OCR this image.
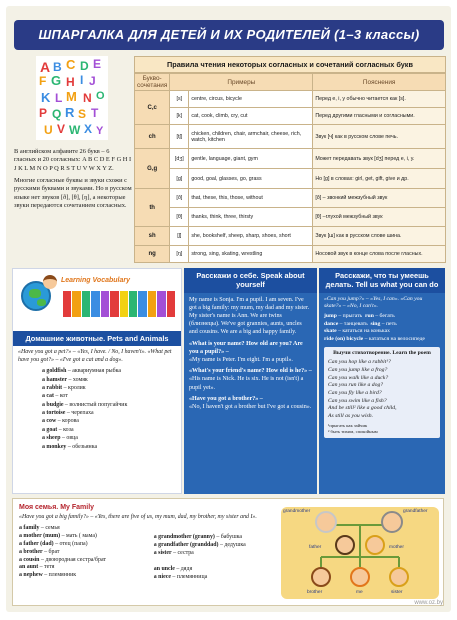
ШПАРГАЛКА ДЛЯ ДЕТЕЙ И ИХ РОДИТЕЛЕЙ (1–3 классы)
A B C D E
F G H I J
K L M N O
P Q R S T
U V W X Y

В английском алфавите 26 букв – 6 гласных и 20 согласных: A B C D E F G H I J K L M N O P Q R S T U V W X Y Z.

Многие согласные буквы и звуки схожи с русскими буквами и звуками. Но в русском языке нет звуков [ð], [θ], [ŋ], а некоторые звуки передаются сочетанием согласных.

Правила чтения некоторых согласных и сочетаний согласных букв
Букво-сочетания	Примеры		Пояснения
C,c	[s]	centre, circus, bicycle	Перед e, i, y обычно читается как [s].
	[k]	cat, cook, climb, cry, cut	Перед другими гласными и согласными.
ch	[tʃ]	chicken, children, chair, armchair, cheese, rich, watch, kitchen	Звук [ч] как в русском слове печь.
G,g	[dʒ]	gentle, language, giant, gym	Может передавать звук [dʒ] перед e, i, y.
	[g]	good, goal, glasses, go, grass	Но [g] в словах: girl, get, gift, give и др.
th	[ð]	that, these, this, those, without	[ð] – звонкий межзубный звук
	[θ]	thanks, think, three, thirsty	[θ] –глухой межзубный звук
sh	[ʃ]	she, bookshelf, sheep, sharp, shoes, short	Звук [ш] как в русском слове шина.
ng	[ŋ]	strong, sing, skating, wrestling	Носовой звук в конце слова после гласных.
Learning Vocabulary
Домашние животные. Pets and Animals

«Have you got a pet?» – «Yes, I have. / No, I haven't». «What pet have you got?» – «I've got a cat and a dog».

a goldfish – аквариумная рыбка
a hamster – хомяк
a rabbit – кролик
a cat – кот
a budgie – волнистый попугайчик
a tortoise – черепаха
a cow – корова
a goat – коза
a sheep – овца
a monkey – обезьянка
Расскажи о себе. Speak about yourself

My name is Sonja. I'm a pupil. I am seven. I've got a big family: my mum, my dad and my sister. My sister's name is Ann. We are twins (близнецы). We've got grannies, aunts, uncles and cousins. We are a big and happy family.

«What is your name? How old are you? Are you a pupil?» –

«My name is Peter. I'm eight. I'm a pupil».

«What's your friend's name? How old is he?» –

«His name is Nick. He is six. He is not (isn't) a pupil yet».

«Have you got a brother?» –

«No, I haven't got a brother but I've got a cousin».

Расскажи, что ты умеешь делать. Tell us what you can do

«Can you jump?» – «Yes, I can». «Can you skate?» – «No, I can't».

jump – прыгать run – бегать
dance – танцевать sing – петь
skate – кататься на коньках
ride (on) bicycle – кататься на велосипеде

Выучи стихотворение. Learn the poem

Can you hop like a rabbit¹?
Can you jump like a frog?
Can you walk like a duck?
Can you run like a dog?
Can you fly like a bird?
Can you swim like a fish?
And be still² like a good child,
As still as you wish.
¹прыгать как зайчик
² быть тихим, спокойным

Моя семья. My Family

«Have you got a big family?» – «Yes, there are five of us, my mum, dad, my brother, my sister and I».

a family – семья
a mother (mum) – мать ( мама)
a father (dad) – отец (папа)
a brother – брат
a cousin – двоюродная сестра/брат
an aunt – тетя
a nephew – племянник
a grandmother (granny) – бабушка
a grandfather (granddad) – дедушка
a sister – сестра
an uncle – дядя
a niece – племянница
grandmother	grandfather
father	mother
brother	me	sister
www.oz.by
